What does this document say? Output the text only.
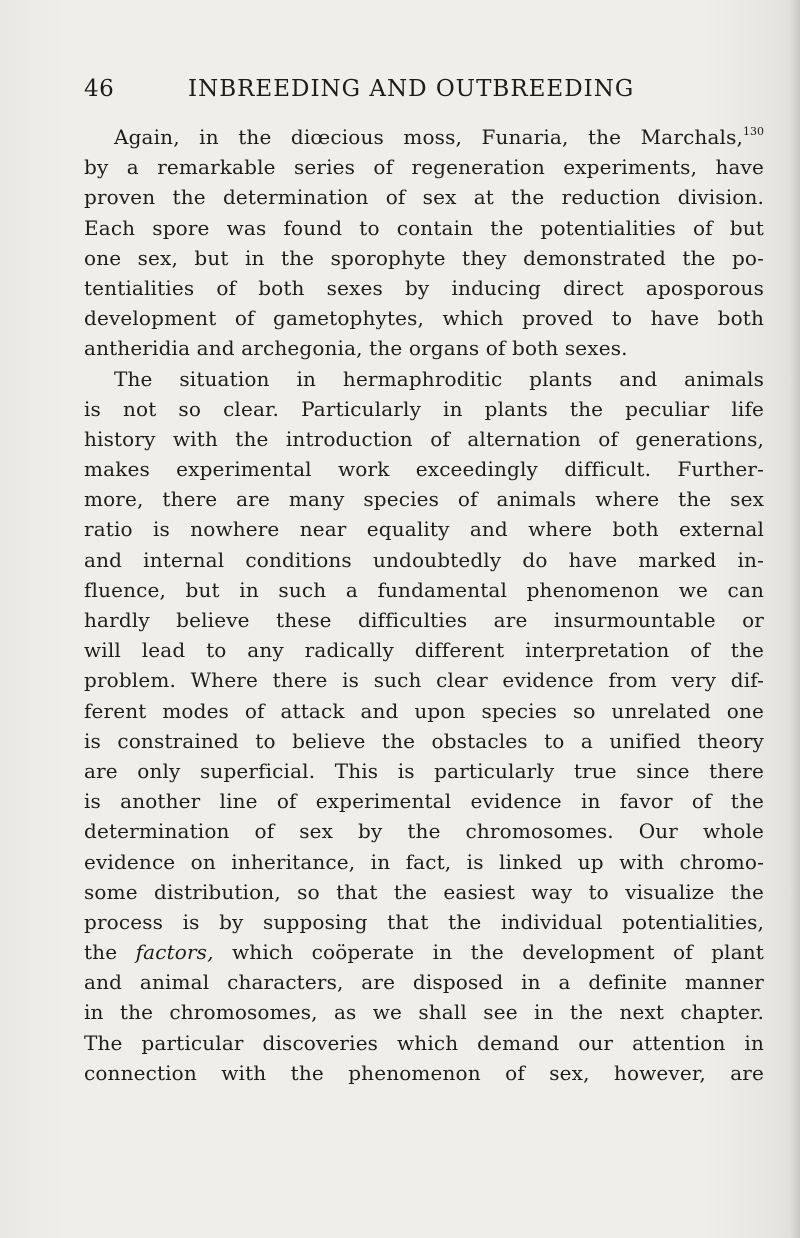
46	INBREEDING AND OUTBREEDING
Again, in the diœcious moss, Funaria, the Marchals,$^{130}$
by a remarkable series of regeneration experiments, have
proven the determination of sex at the reduction division.
Each spore was found to contain the potentialities of but
one sex, but in the sporophyte they demonstrated the po-
tentialities of both sexes by inducing direct aposporous
development of gametophytes, which proved to have both
antheridia and archegonia, the organs of both sexes.
The situation in hermaphroditic plants and animals
is not so clear. Particularly in plants the peculiar life
history with the introduction of alternation of generations,
makes experimental work exceedingly difficult. Further-
more, there are many species of animals where the sex
ratio is nowhere near equality and where both external
and internal conditions undoubtedly do have marked in-
fluence, but in such a fundamental phenomenon we can
hardly believe these difficulties are insurmountable or
will lead to any radically different interpretation of the
problem. Where there is such clear evidence from very dif-
ferent modes of attack and upon species so unrelated one
is constrained to believe the obstacles to a unified theory
are only superficial. This is particularly true since there
is another line of experimental evidence in favor of the
determination of sex by the chromosomes. Our whole
evidence on inheritance, in fact, is linked up with chromo-
some distribution, so that the easiest way to visualize the
process is by supposing that the individual potentialities,
the factors, which coöperate in the development of plant
and animal characters, are disposed in a definite manner
in the chromosomes, as we shall see in the next chapter.
The particular discoveries which demand our attention in
connection with the phenomenon of sex, however, are
